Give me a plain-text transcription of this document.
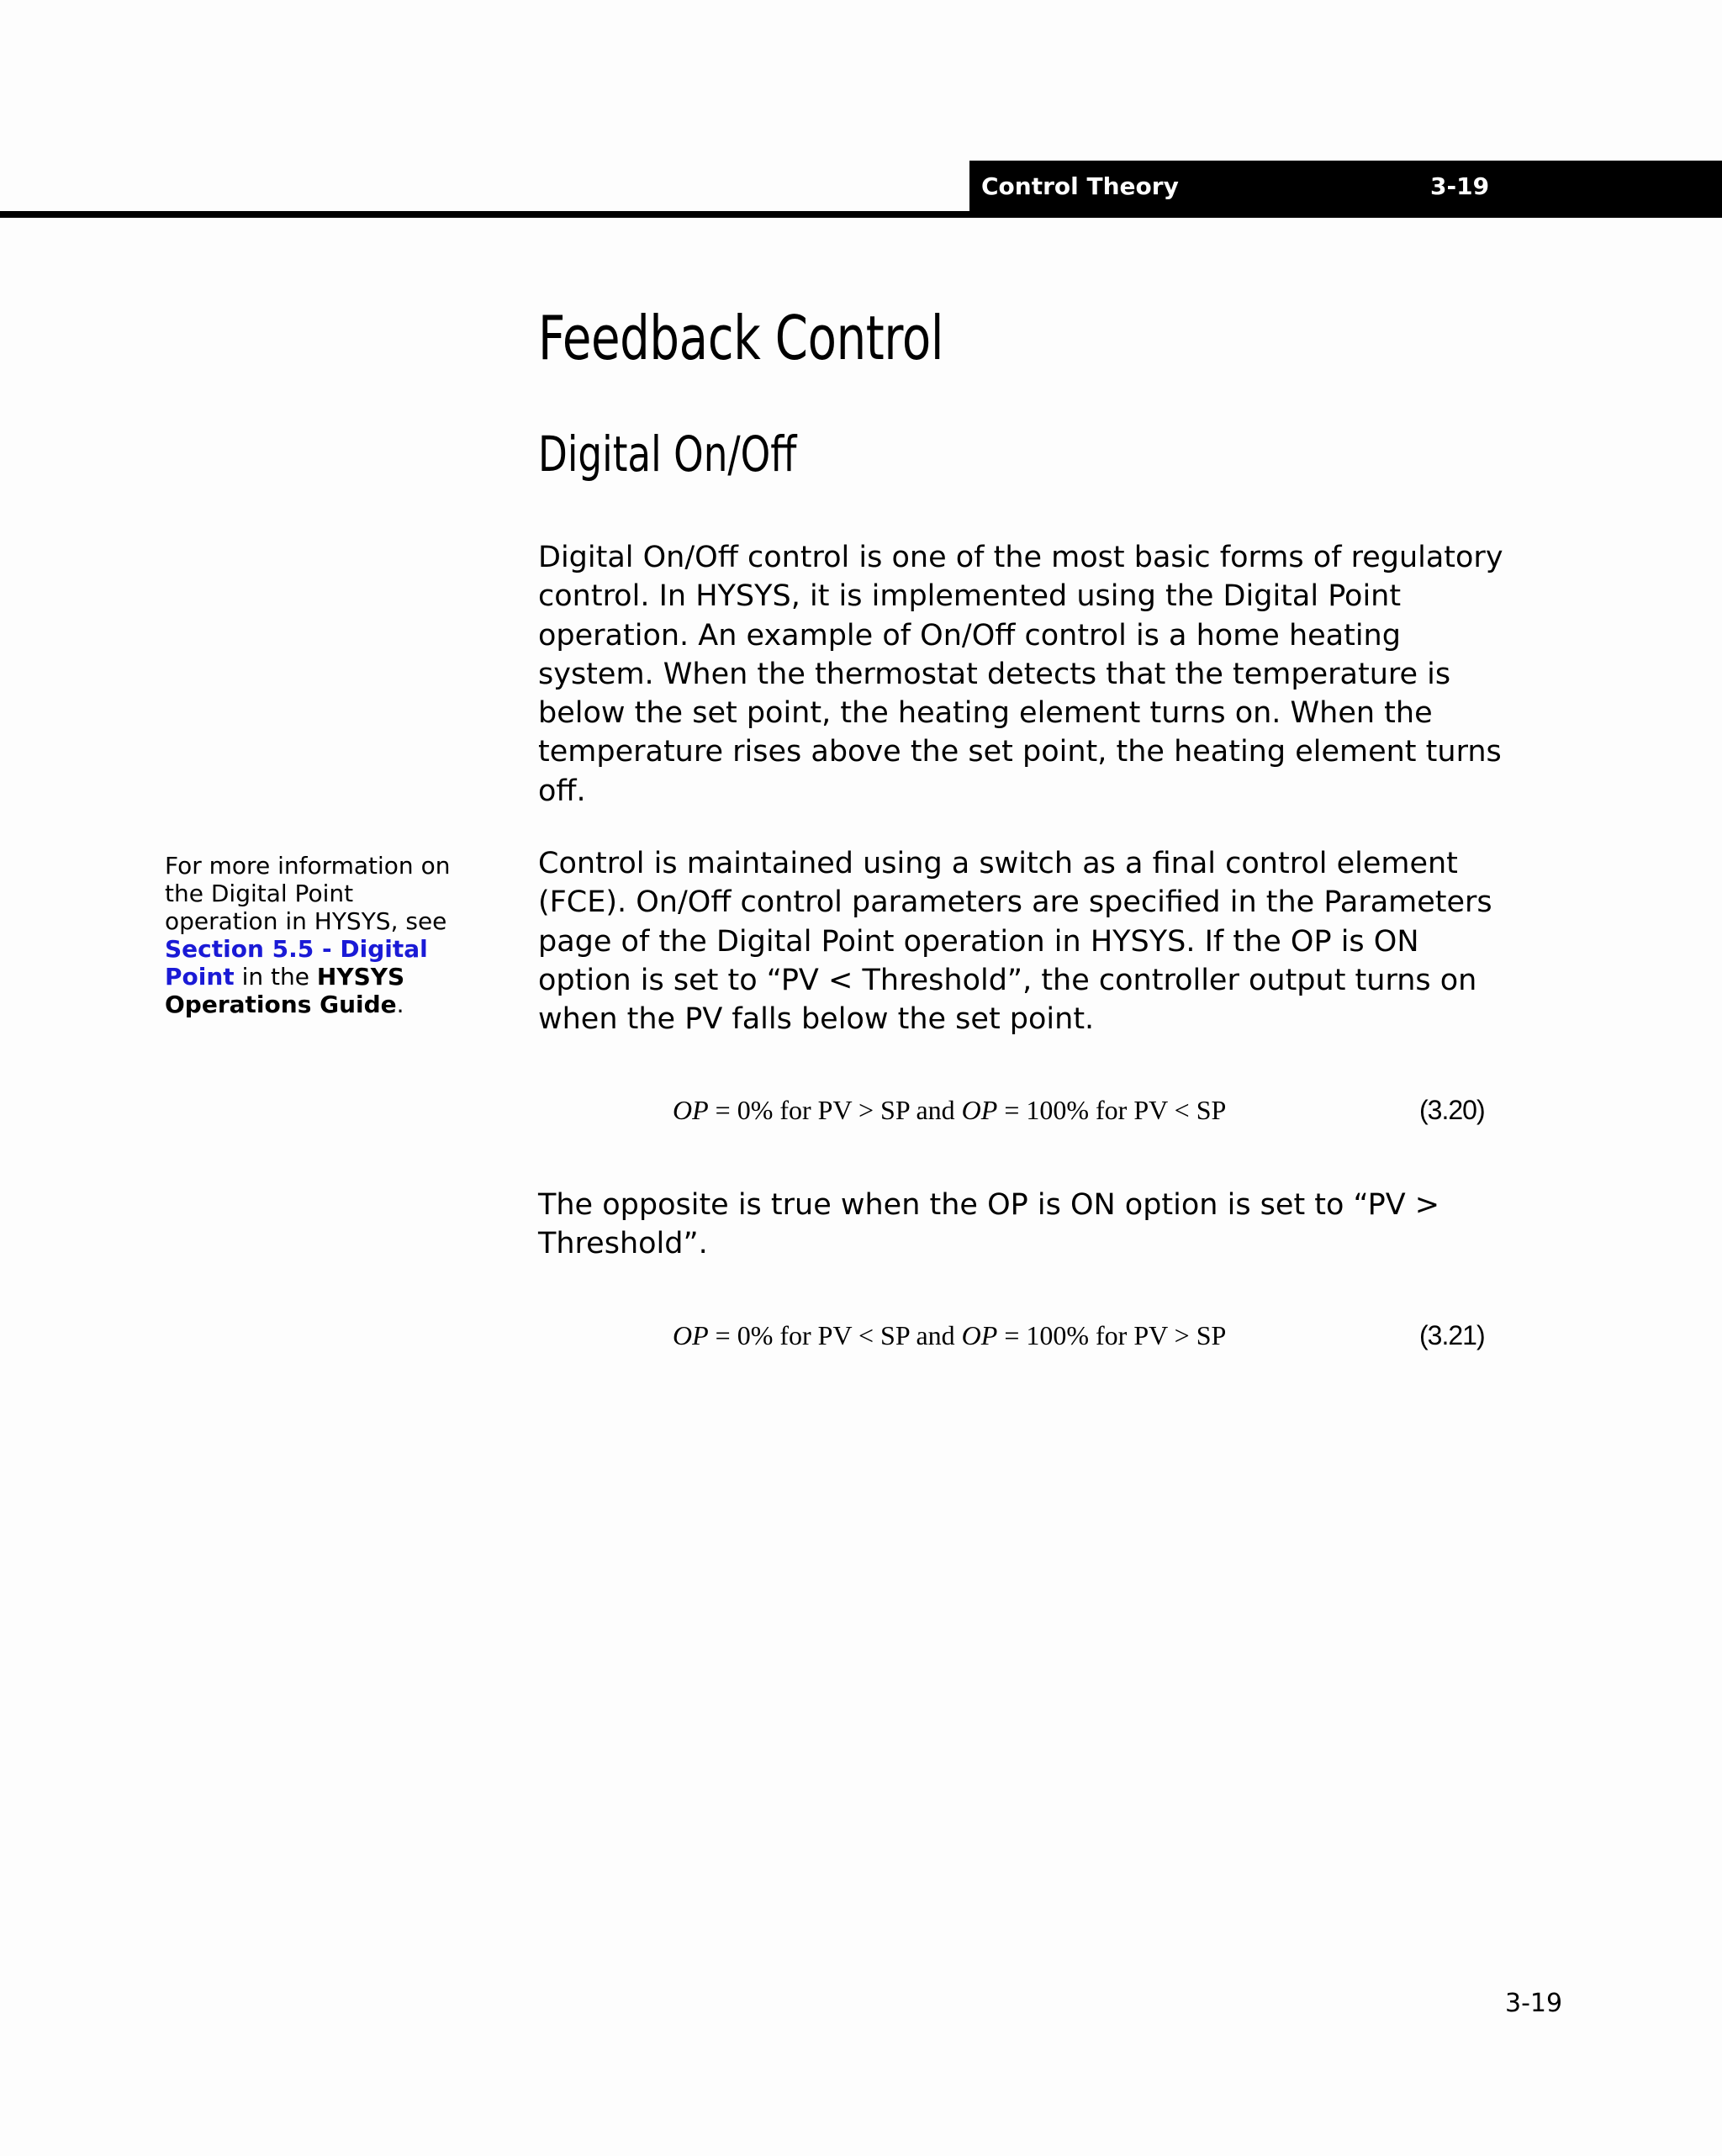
Control Theory	3-19
Feedback Control
Digital On/Off

Digital On/Off control is one of the most basic forms of regulatory control. In HYSYS, it is implemented using the Digital Point operation. An example of On/Off control is a home heating system. When the thermostat detects that the temperature is below the set point, the heating element turns on. When the temperature rises above the set point, the heating element turns off.

For more information on the Digital Point operation in HYSYS, see Section 5.5 - Digital Point in the HYSYS Operations Guide.

Control is maintained using a switch as a final control element (FCE). On/Off control parameters are specified in the Parameters page of the Digital Point operation in HYSYS. If the OP is ON option is set to “PV < Threshold”, the controller output turns on when the PV falls below the set point.

OP = 0% for PV > SP and OP = 100% for PV < SP	(3.20)

The opposite is true when the OP is ON option is set to “PV > Threshold”.

OP = 0% for PV < SP and OP = 100% for PV > SP	(3.21)
3-19
